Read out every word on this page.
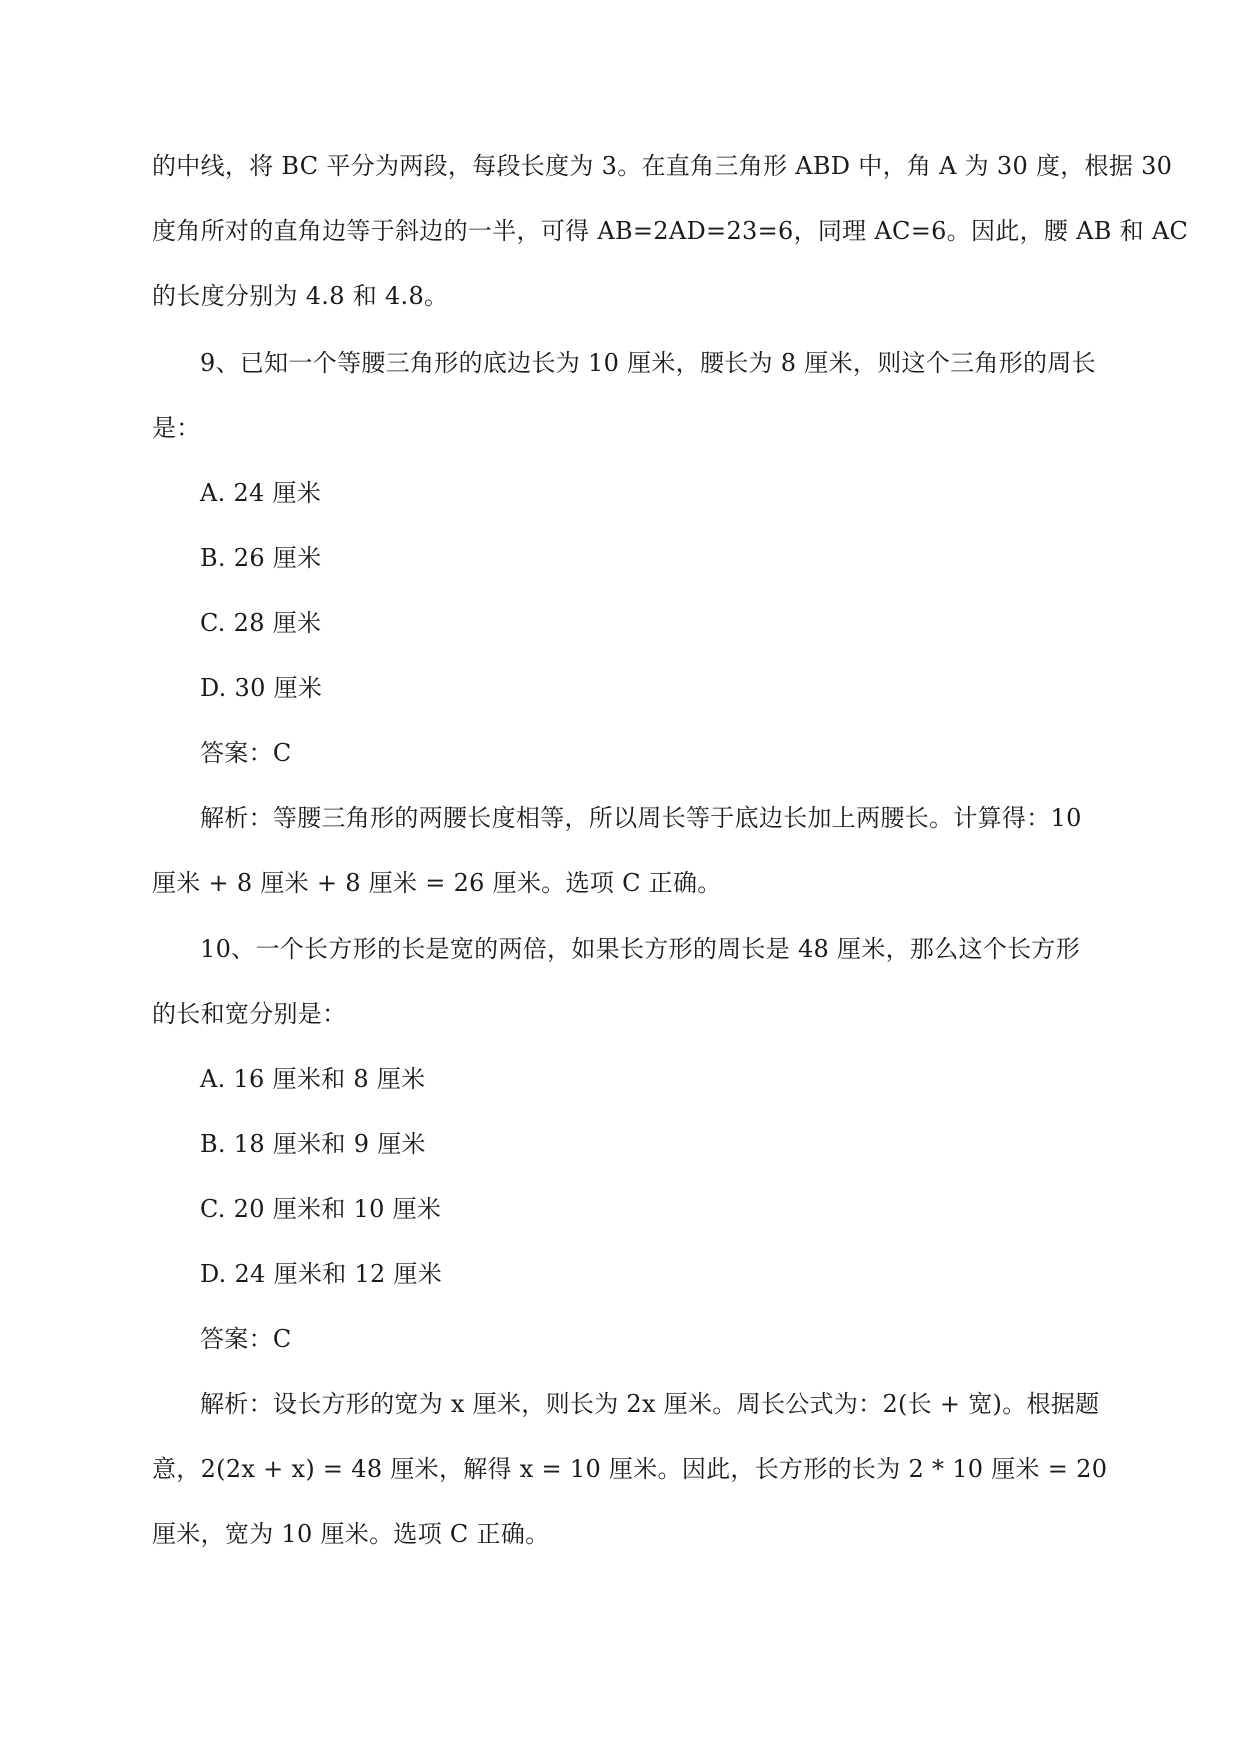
的中线，将 BC 平分为两段，每段长度为 3。在直角三角形 ABD 中，角 A 为 30 度，根据 30
度角所对的直角边等于斜边的一半，可得 AB=2AD=23=6，同理 AC=6。因此，腰 AB 和 AC
的长度分别为 4.8 和 4.8。
9、已知一个等腰三角形的底边长为 10 厘米，腰长为 8 厘米，则这个三角形的周长
是：
A. 24 厘米
B. 26 厘米
C. 28 厘米
D. 30 厘米
答案：C
解析：等腰三角形的两腰长度相等，所以周长等于底边长加上两腰长。计算得：10
厘米 + 8 厘米 + 8 厘米 = 26 厘米。选项 C 正确。
10、一个长方形的长是宽的两倍，如果长方形的周长是 48 厘米，那么这个长方形
的长和宽分别是：
A. 16 厘米和 8 厘米
B. 18 厘米和 9 厘米
C. 20 厘米和 10 厘米
D. 24 厘米和 12 厘米
答案：C
解析：设长方形的宽为 x 厘米，则长为 2x 厘米。周长公式为：2(长 + 宽)。根据题
意，2(2x + x) = 48 厘米，解得 x = 10 厘米。因此，长方形的长为 2 * 10 厘米 = 20
厘米，宽为 10 厘米。选项 C 正确。
